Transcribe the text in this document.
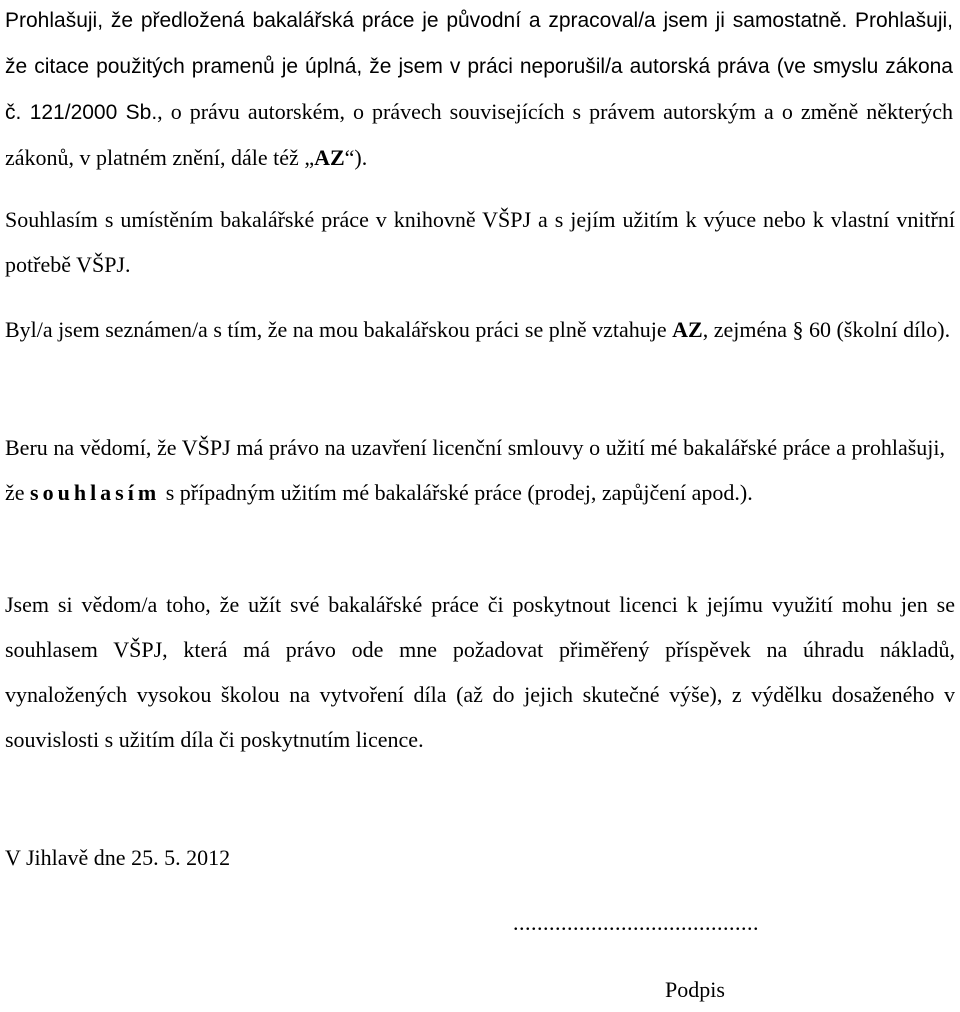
Prohlašuji, že předložená bakalářská práce je původní a zpracoval/a jsem ji samostatně. Prohlašuji, že citace použitých pramenů je úplná, že jsem v práci neporušil/a autorská práva (ve smyslu zákona č. 121/2000 Sb., o právu autorském, o právech souvisejících s právem autorským a o změně některých zákonů, v platném znění, dále též „AZ“).

Souhlasím s umístěním bakalářské práce v knihovně VŠPJ a s jejím užitím k výuce nebo k vlastní vnitřní potřebě VŠPJ.

Byl/a jsem seznámen/a s tím, že na mou bakalářskou práci se plně vztahuje AZ, zejména § 60 (školní dílo).

Beru na vědomí, že VŠPJ má právo na uzavření licenční smlouvy o užití mé bakalářské práce a prohlašuji, že souhlasím s případným užitím mé bakalářské práce (prodej, zapůjčení apod.).

Jsem si vědom/a toho, že užít své bakalářské práce či poskytnout licenci k jejímu využití mohu jen se souhlasem VŠPJ, která má právo ode mne požadovat přiměřený příspěvek na úhradu nákladů, vynaložených vysokou školou na vytvoření díla (až do jejich skutečné výše), z výdělku dosaženého v souvislosti s užitím díla či poskytnutím licence.

V Jihlavě dne 25. 5. 2012
.........................................
Podpis
